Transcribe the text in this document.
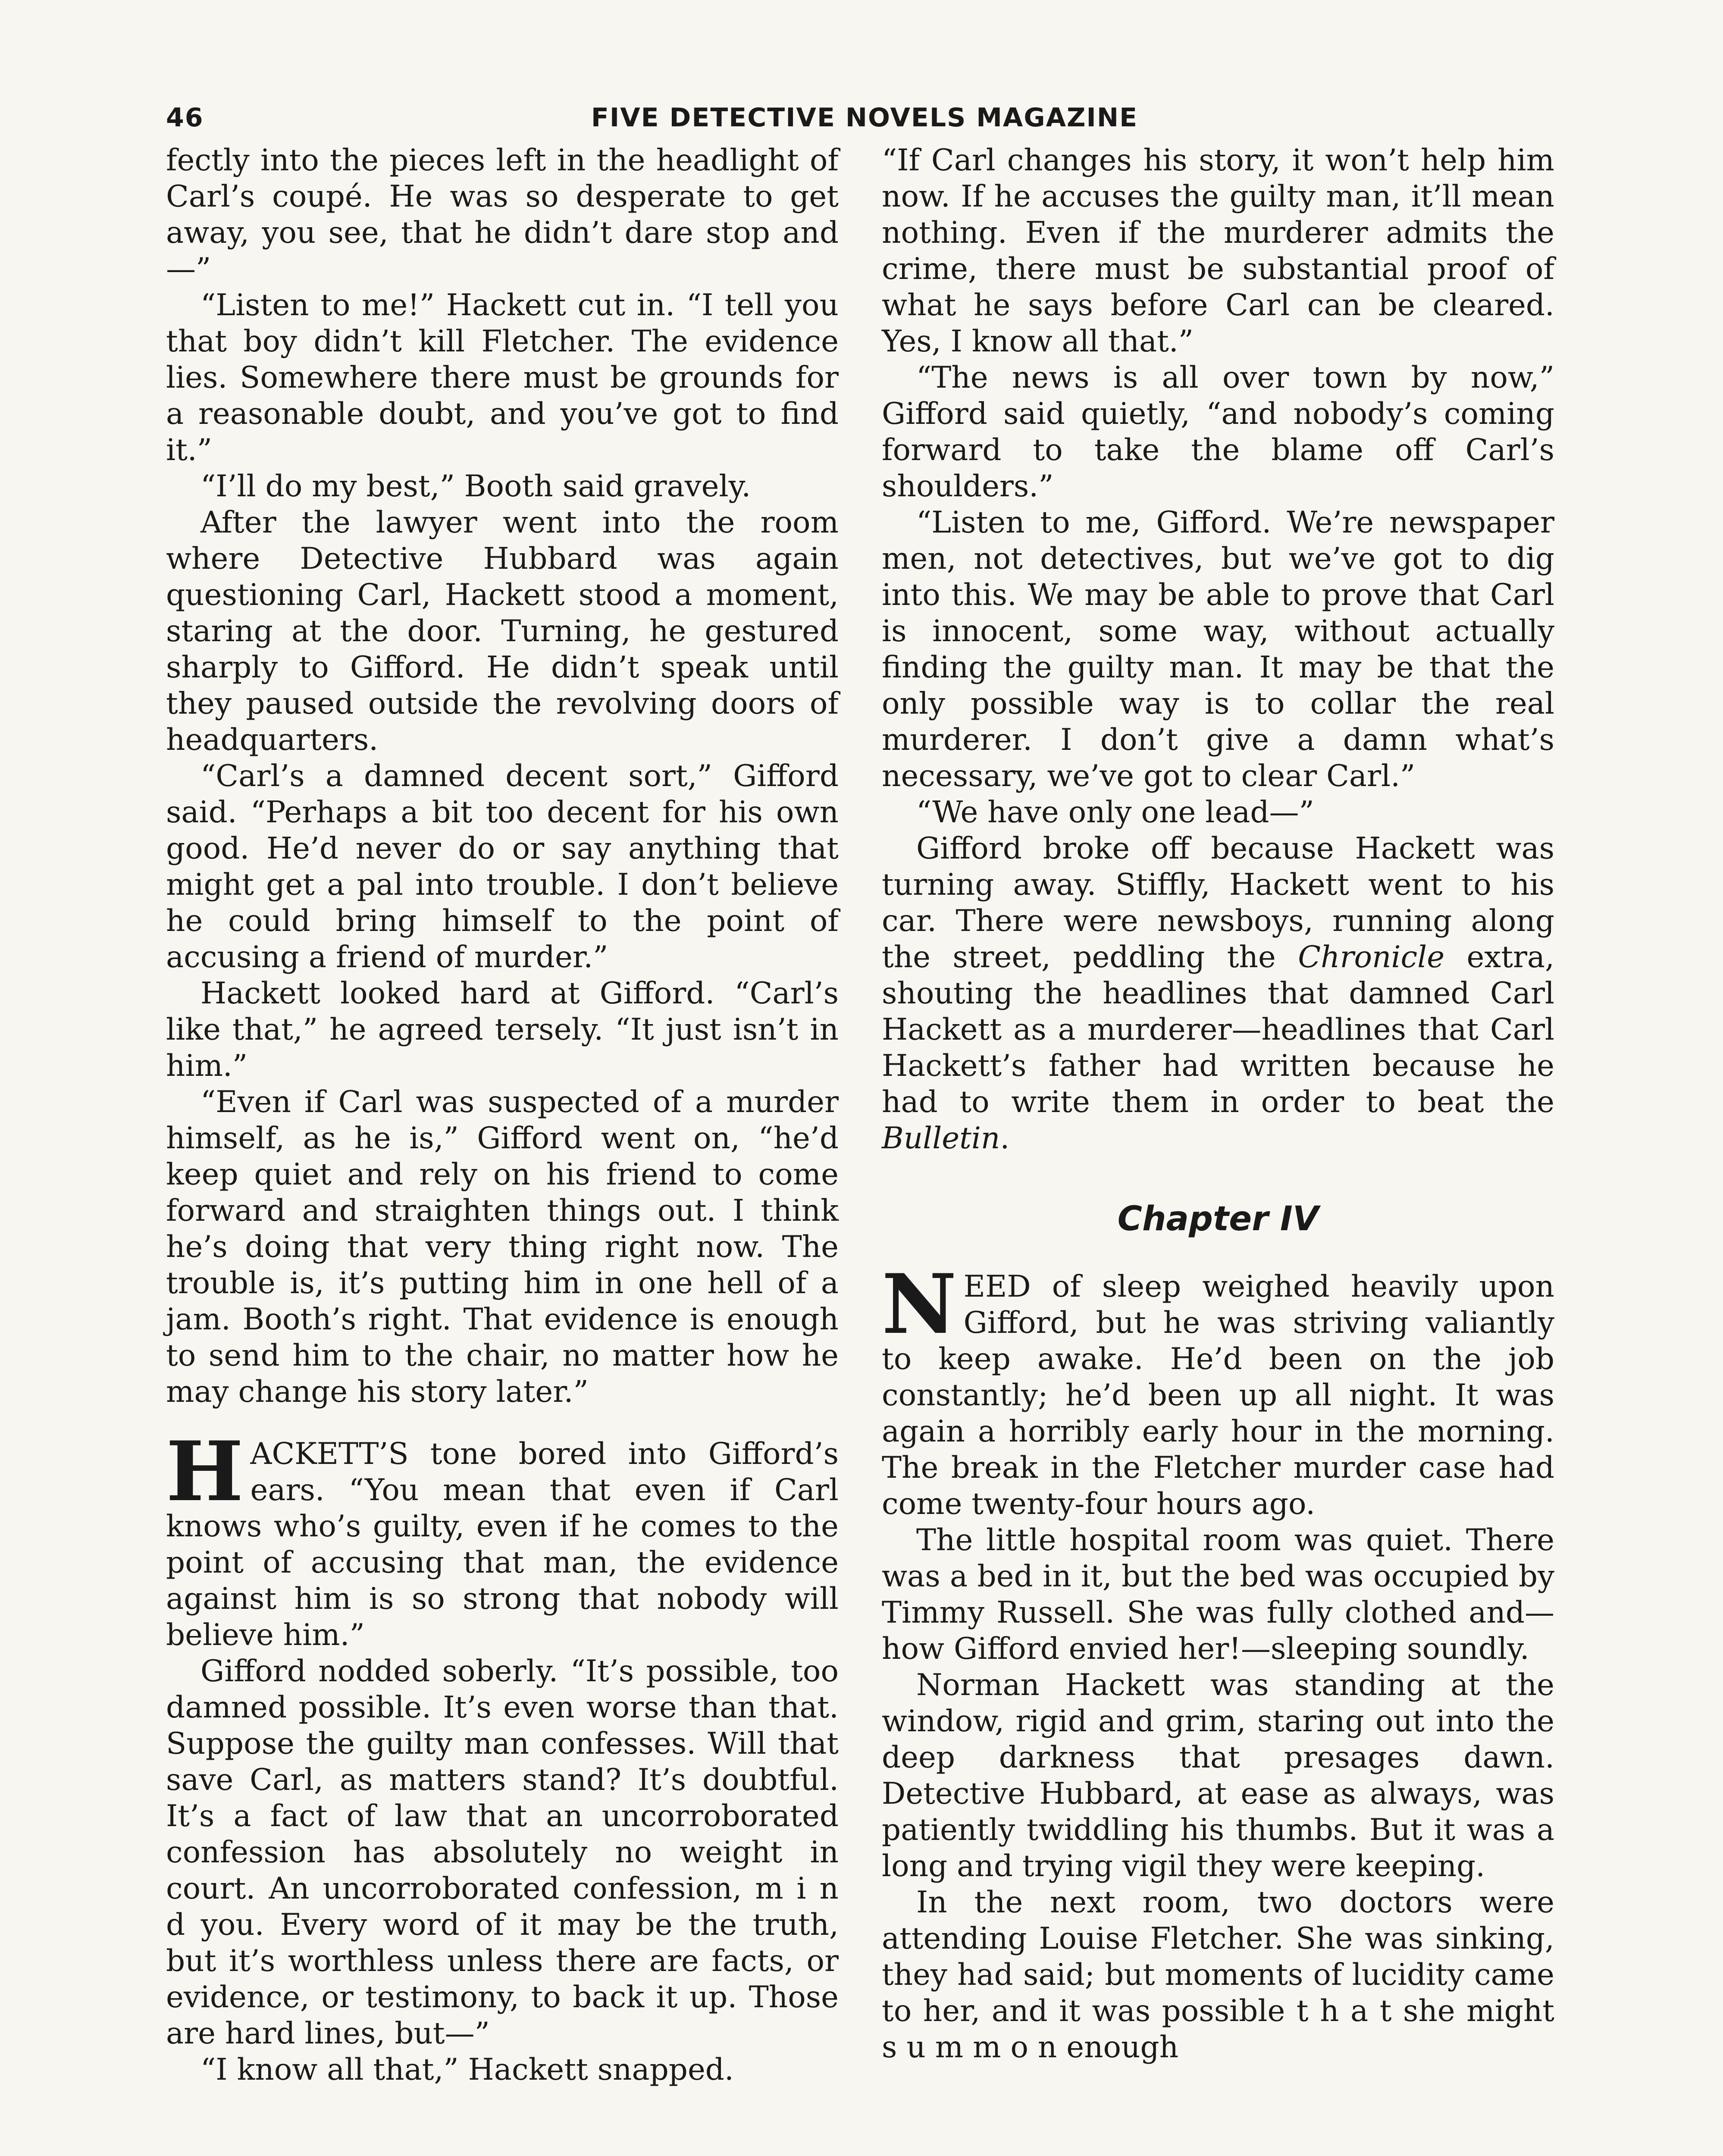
46	FIVE DETECTIVE NOVELS MAGAZINE

fectly into the pieces left in the headlight of Carl’s coupé. He was so desperate to get away, you see, that he didn’t dare stop and—”

“Listen to me!” Hackett cut in. “I tell you that boy didn’t kill Fletcher. The evidence lies. Somewhere there must be grounds for a reasonable doubt, and you’ve got to find it.”

“I’ll do my best,” Booth said gravely.

After the lawyer went into the room where Detective Hubbard was again questioning Carl, Hackett stood a moment, staring at the door. Turning, he gestured sharply to Gifford. He didn’t speak until they paused outside the revolving doors of headquarters.

“Carl’s a damned decent sort,” Gifford said. “Perhaps a bit too decent for his own good. He’d never do or say anything that might get a pal into trouble. I don’t believe he could bring himself to the point of accusing a friend of murder.”

Hackett looked hard at Gifford. “Carl’s like that,” he agreed tersely. “It just isn’t in him.”

“Even if Carl was suspected of a murder himself, as he is,” Gifford went on, “he’d keep quiet and rely on his friend to come forward and straighten things out. I think he’s doing that very thing right now. The trouble is, it’s putting him in one hell of a jam. Booth’s right. That evidence is enough to send him to the chair, no matter how he may change his story later.”

HACKETT’S tone bored into Gifford’s ears. “You mean that even if Carl knows who’s guilty, even if he comes to the point of accusing that man, the evidence against him is so strong that nobody will believe him.”

Gifford nodded soberly. “It’s possible, too damned possible. It’s even worse than that. Suppose the guilty man confesses. Will that save Carl, as matters stand? It’s doubtful. It’s a fact of law that an uncorroborated confession has absolutely no weight in court. An uncorroborated confession, m i n d you. Every word of it may be the truth, but it’s worthless unless there are facts, or evidence, or testimony, to back it up. Those are hard lines, but—”

“I know all that,” Hackett snapped.

“If Carl changes his story, it won’t help him now. If he accuses the guilty man, it’ll mean nothing. Even if the murderer admits the crime, there must be substantial proof of what he says before Carl can be cleared. Yes, I know all that.”

“The news is all over town by now,” Gifford said quietly, “and nobody’s coming forward to take the blame off Carl’s shoulders.”

“Listen to me, Gifford. We’re newspaper men, not detectives, but we’ve got to dig into this. We may be able to prove that Carl is innocent, some way, without actually finding the guilty man. It may be that the only possible way is to collar the real murderer. I don’t give a damn what’s necessary, we’ve got to clear Carl.”

“We have only one lead—”

Gifford broke off because Hackett was turning away. Stiffly, Hackett went to his car. There were newsboys, running along the street, peddling the Chronicle extra, shouting the headlines that damned Carl Hackett as a murderer—headlines that Carl Hackett’s father had written because he had to write them in order to beat the Bulletin.

Chapter IV

NEED of sleep weighed heavily upon Gifford, but he was striving valiantly to keep awake. He’d been on the job constantly; he’d been up all night. It was again a horribly early hour in the morning. The break in the Fletcher murder case had come twenty-four hours ago.

The little hospital room was quiet. There was a bed in it, but the bed was occupied by Timmy Russell. She was fully clothed and—how Gifford envied her!—sleeping soundly.

Norman Hackett was standing at the window, rigid and grim, staring out into the deep darkness that presages dawn. Detective Hubbard, at ease as always, was patiently twiddling his thumbs. But it was a long and trying vigil they were keeping.

In the next room, two doctors were attending Louise Fletcher. She was sinking, they had said; but moments of lucidity came to her, and it was possible t h a t she might s u m m o n enough
